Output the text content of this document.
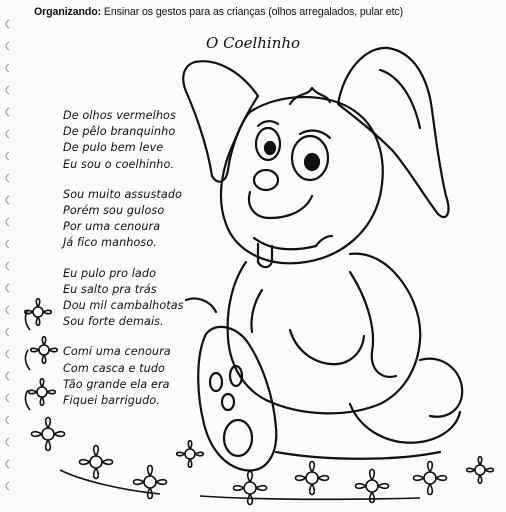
Organizando: Ensinar os gestos para as crianças (olhos arregalados, pular etc)
O Coelhinho
De olhos vermelhos
De pêlo branquinho
De pulo bem leve
Eu sou o coelhinho.
Sou muito assustado
Porém sou guloso
Por uma cenoura
Já fico manhoso.
Eu pulo pro lado
Eu salto pra trás
Dou mil cambalhotas
Sou forte demais.
Comi uma cenoura
Com casca e tudo
Tão grande ela era
Fiquei barrigudo.
